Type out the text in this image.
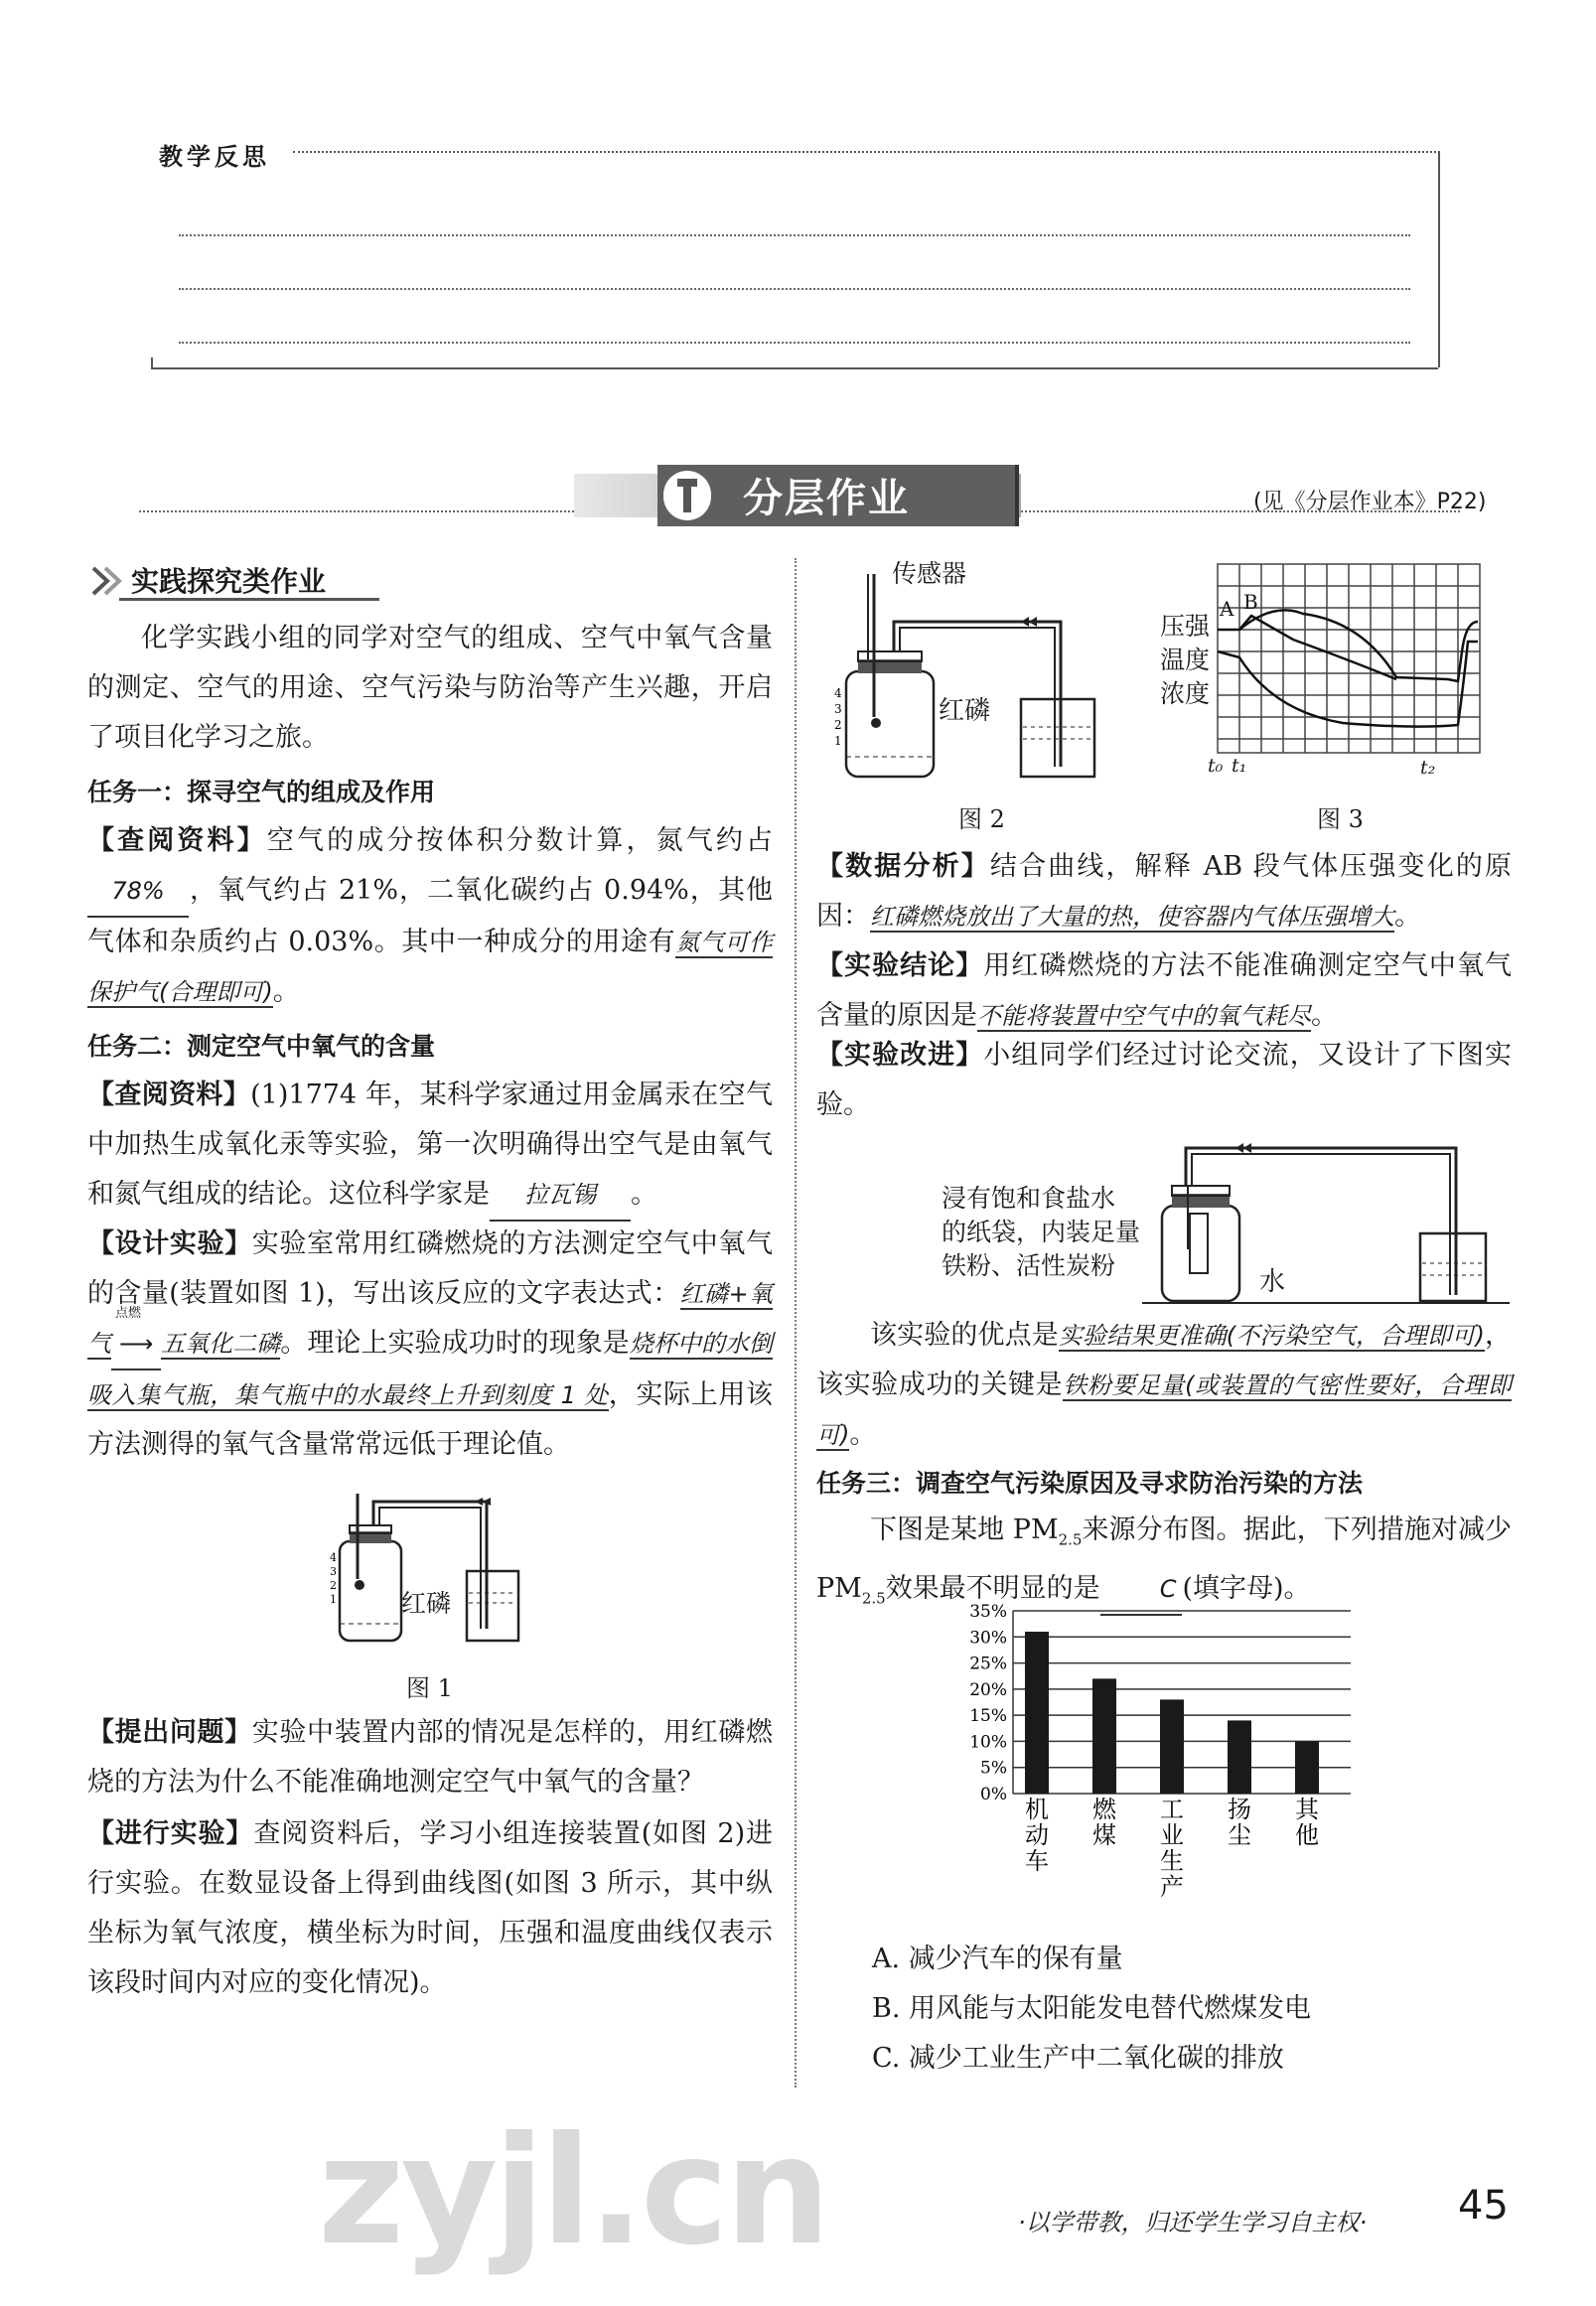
教学反思
分层作业	(见《分层作业本》P22)
实践探究类作业

化学实践小组的同学对空气的组成、空气中氧气含量的测定、空气的用途、空气污染与防治等产生兴趣，开启了项目化学习之旅。

任务一：探寻空气的组成及作用

【查阅资料】空气的成分按体积分数计算，氮气约占78% ，氧气约占 21%，二氧化碳约占 0.94%，其他气体和杂质约占 0.03%。其中一种成分的用途有氮气可作保护气(合理即可)。

任务二：测定空气中氧气的含量

【查阅资料】(1)1774 年，某科学家通过用金属汞在空气中加热生成氧化汞等实验，第一次明确得出空气是由氧气和氮气组成的结论。这位科学家是 拉瓦锡 。

【设计实验】实验室常用红磷燃烧的方法测定空气中氧气的含量(装置如图 1)，写出该反应的文字表达式：红磷+氧气
点燃
⟶ 五氧化二磷。理论上实验成功时的现象是烧杯中的水倒吸入集气瓶，集气瓶中的水最终上升到刻度 1 处，实际上用该方法测得的氧气含量常常远低于理论值。

4
3
2
1	红磷
图 1

【提出问题】实验中装置内部的情况是怎样的，用红磷燃烧的方法为什么不能准确地测定空气中氧气的含量？

【进行实验】查阅资料后，学习小组连接装置(如图 2)进行实验。在数显设备上得到曲线图(如图 3 所示，其中纵坐标为氧气浓度，横坐标为时间，压强和温度曲线仅表示该段时间内对应的变化情况)。

4
3
2
1
传感器
红磷
图 2
压强
温度
浓度
A B
t₀ t₁	t₂
图 3

【数据分析】结合曲线，解释 AB 段气体压强变化的原因：红磷燃烧放出了大量的热，使容器内气体压强增大。

【实验结论】用红磷燃烧的方法不能准确测定空气中氧气含量的原因是不能将装置中空气中的氧气耗尽。

【实验改进】小组同学们经过讨论交流，又设计了下图实验。

浸有饱和食盐水
的纸袋，内装足量
铁粉、活性炭粉
水

该实验的优点是实验结果更准确(不污染空气，合理即可)，该实验成功的关键是铁粉要足量(或装置的气密性要好，合理即可)。

任务三：调查空气污染原因及寻求防治污染的方法

下图是某地 $PM_{2.5}$来源分布图。据此，下列措施对减少 $PM_{2.5}$效果最不明显的是	C (填字母)。

0%
5%
10%
15%
20%
25%
30%
35%
机动车
燃煤
工业生产
扬尘
其他
A. 减少汽车的保有量
B. 用风能与太阳能发电替代燃煤发电
C. 减少工业生产中二氧化碳的排放
zyjl.cn	·以学带教，归还学生学习自主权· 45
